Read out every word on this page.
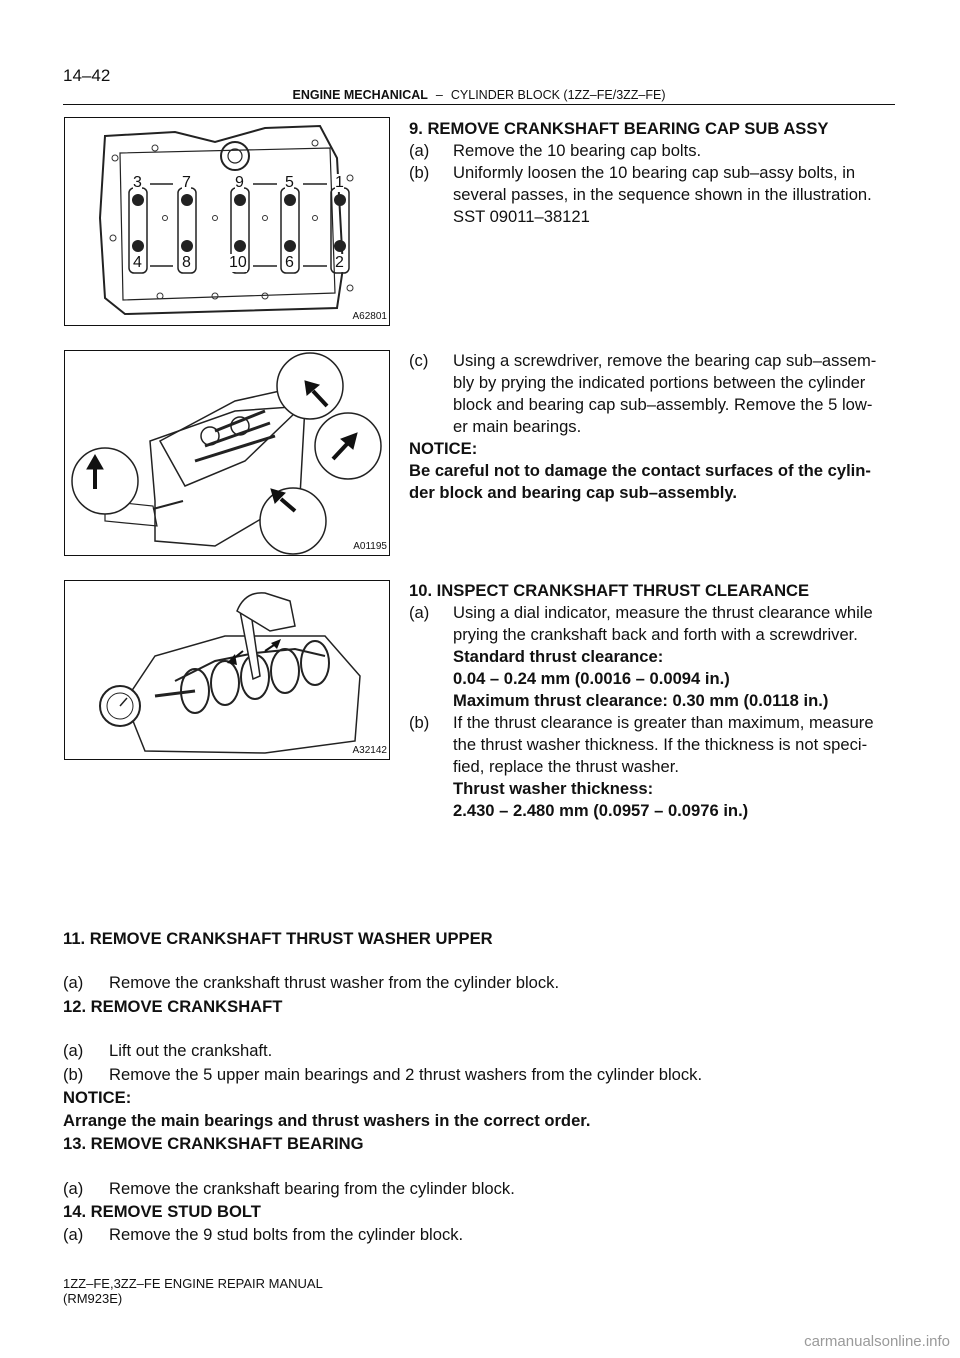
14–42
ENGINE MECHANICAL – CYLINDER BLOCK (1ZZ–FE/3ZZ–FE)
3	7	9	5	1
4	8 10 6	2
A62801
A01195
A32142
9. REMOVE CRANKSHAFT BEARING CAP SUB ASSY
(a) Remove the 10 bearing cap bolts.
(b) Uniformly loosen the 10 bearing cap sub–assy bolts, in
several passes, in the sequence shown in the illustration.
SST 09011–38121
(c) Using a screwdriver, remove the bearing cap sub–assem-
bly by prying the indicated portions between the cylinder
block and bearing cap sub–assembly. Remove the 5 low-
er main bearings.
NOTICE:
Be careful not to damage the contact surfaces of the cylin-
der block and bearing cap sub–assembly.
10. INSPECT CRANKSHAFT THRUST CLEARANCE
(a) Using a dial indicator, measure the thrust clearance while
prying the crankshaft back and forth with a screwdriver.
Standard thrust clearance:
0.04 – 0.24 mm (0.0016 – 0.0094 in.)
Maximum thrust clearance: 0.30 mm (0.0118 in.)
(b) If the thrust clearance is greater than maximum, measure
the thrust washer thickness. If the thickness is not speci-
fied, replace the thrust washer.
Thrust washer thickness:
2.430 – 2.480 mm (0.0957 – 0.0976 in.)
11. REMOVE CRANKSHAFT THRUST WASHER UPPER
(a) Remove the crankshaft thrust washer from the cylinder block.
12. REMOVE CRANKSHAFT
(a) Lift out the crankshaft.
(b) Remove the 5 upper main bearings and 2 thrust washers from the cylinder block.
NOTICE:
Arrange the main bearings and thrust washers in the correct order.
13. REMOVE CRANKSHAFT BEARING
(a) Remove the crankshaft bearing from the cylinder block.
14. REMOVE STUD BOLT
(a) Remove the 9 stud bolts from the cylinder block.
1ZZ–FE,3ZZ–FE ENGINE REPAIR MANUAL
(RM923E)
carmanualsonline.info
